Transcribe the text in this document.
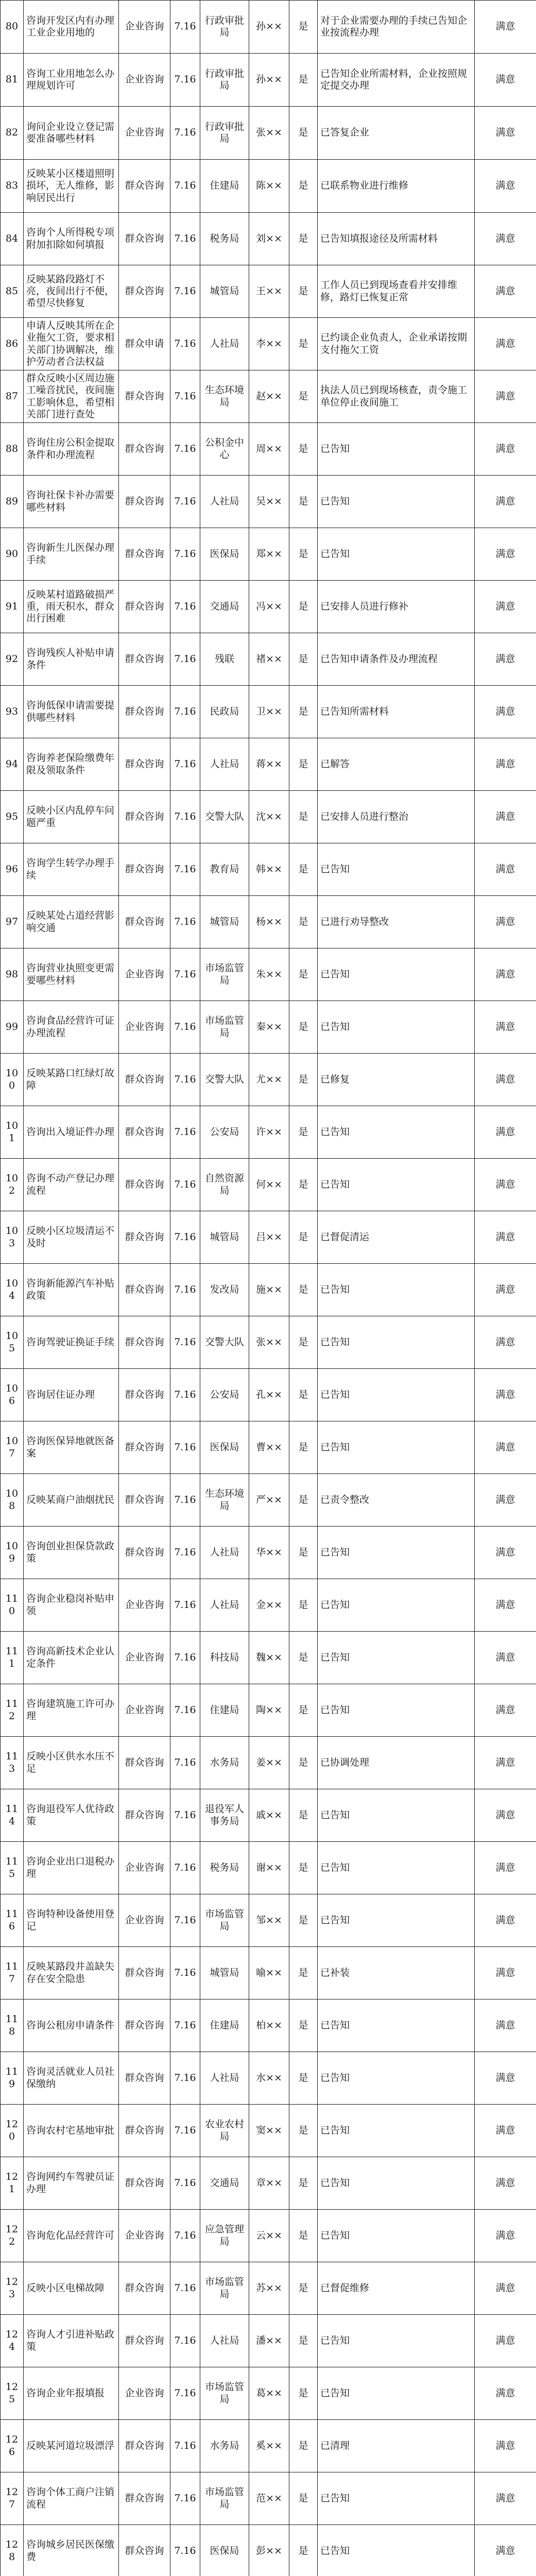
80	咨询开发区内有办理工业企业用地的	企业咨询	7.16	行政审批局	孙××	是	对于企业需要办理的手续已告知企业按流程办理	满意
81	咨询工业用地怎么办理规划许可	企业咨询	7.16	行政审批局	孙××	是	已告知企业所需材料，企业按照规定提交办理	满意
82	询问企业设立登记需要准备哪些材料	企业咨询	7.16	行政审批局	张××	是	已答复企业	满意
83	反映某小区楼道照明损坏，无人维修，影响居民出行	群众咨询	7.16	住建局	陈××	是	已联系物业进行维修	满意
84	咨询个人所得税专项附加扣除如何填报	群众咨询	7.16	税务局	刘××	是	已告知填报途径及所需材料	满意
85	反映某路段路灯不亮，夜间出行不便，希望尽快修复	群众咨询	7.16	城管局	王××	是	工作人员已到现场查看并安排维修，路灯已恢复正常	满意
86	申请人反映其所在企业拖欠工资，要求相关部门协调解决，维护劳动者合法权益	群众申请	7.16	人社局	李××	是	已约谈企业负责人，企业承诺按期支付拖欠工资	满意
87	群众反映小区周边施工噪音扰民，夜间施工影响休息，希望相关部门进行查处	群众咨询	7.16	生态环境局	赵××	是	执法人员已到现场核查，责令施工单位停止夜间施工	满意
88	咨询住房公积金提取条件和办理流程	群众咨询	7.16	公积金中心	周××	是	已告知	满意
89	咨询社保卡补办需要哪些材料	群众咨询	7.16	人社局	吴××	是	已告知	满意
90	咨询新生儿医保办理手续	群众咨询	7.16	医保局	郑××	是	已告知	满意
91	反映某村道路破损严重，雨天积水，群众出行困难	群众咨询	7.16	交通局	冯××	是	已安排人员进行修补	满意
92	咨询残疾人补贴申请条件	群众咨询	7.16	残联	褚××	是	已告知申请条件及办理流程	满意
93	咨询低保申请需要提供哪些材料	群众咨询	7.16	民政局	卫××	是	已告知所需材料	满意
94	咨询养老保险缴费年限及领取条件	群众咨询	7.16	人社局	蒋××	是	已解答	满意
95	反映小区内乱停车问题严重	群众咨询	7.16	交警大队	沈××	是	已安排人员进行整治	满意
96	咨询学生转学办理手续	群众咨询	7.16	教育局	韩××	是	已告知	满意
97	反映某处占道经营影响交通	群众咨询	7.16	城管局	杨××	是	已进行劝导整改	满意
98	咨询营业执照变更需要哪些材料	企业咨询	7.16	市场监管局	朱××	是	已告知	满意
99	咨询食品经营许可证办理流程	企业咨询	7.16	市场监管局	秦××	是	已告知	满意
100	反映某路口红绿灯故障	群众咨询	7.16	交警大队	尤××	是	已修复	满意
101	咨询出入境证件办理	群众咨询	7.16	公安局	许××	是	已告知	满意
102	咨询不动产登记办理流程	群众咨询	7.16	自然资源局	何××	是	已告知	满意
103	反映小区垃圾清运不及时	群众咨询	7.16	城管局	吕××	是	已督促清运	满意
104	咨询新能源汽车补贴政策	群众咨询	7.16	发改局	施××	是	已告知	满意
105	咨询驾驶证换证手续	群众咨询	7.16	交警大队	张××	是	已告知	满意
106	咨询居住证办理	群众咨询	7.16	公安局	孔××	是	已告知	满意
107	咨询医保异地就医备案	群众咨询	7.16	医保局	曹××	是	已告知	满意
108	反映某商户油烟扰民	群众咨询	7.16	生态环境局	严××	是	已责令整改	满意
109	咨询创业担保贷款政策	群众咨询	7.16	人社局	华××	是	已告知	满意
110	咨询企业稳岗补贴申领	企业咨询	7.16	人社局	金××	是	已告知	满意
111	咨询高新技术企业认定条件	企业咨询	7.16	科技局	魏××	是	已告知	满意
112	咨询建筑施工许可办理	企业咨询	7.16	住建局	陶××	是	已告知	满意
113	反映小区供水水压不足	群众咨询	7.16	水务局	姜××	是	已协调处理	满意
114	咨询退役军人优待政策	群众咨询	7.16	退役军人事务局	戚××	是	已告知	满意
115	咨询企业出口退税办理	企业咨询	7.16	税务局	谢××	是	已告知	满意
116	咨询特种设备使用登记	企业咨询	7.16	市场监管局	邹××	是	已告知	满意
117	反映某路段井盖缺失存在安全隐患	群众咨询	7.16	城管局	喻××	是	已补装	满意
118	咨询公租房申请条件	群众咨询	7.16	住建局	柏××	是	已告知	满意
119	咨询灵活就业人员社保缴纳	群众咨询	7.16	人社局	水××	是	已告知	满意
120	咨询农村宅基地审批	群众咨询	7.16	农业农村局	窦××	是	已告知	满意
121	咨询网约车驾驶员证办理	群众咨询	7.16	交通局	章××	是	已告知	满意
122	咨询危化品经营许可	企业咨询	7.16	应急管理局	云××	是	已告知	满意
123	反映小区电梯故障	群众咨询	7.16	市场监管局	苏××	是	已督促维修	满意
124	咨询人才引进补贴政策	群众咨询	7.16	人社局	潘××	是	已告知	满意
125	咨询企业年报填报	企业咨询	7.16	市场监管局	葛××	是	已告知	满意
126	反映某河道垃圾漂浮	群众咨询	7.16	水务局	奚××	是	已清理	满意
127	咨询个体工商户注销流程	群众咨询	7.16	市场监管局	范××	是	已告知	满意
128	咨询城乡居民医保缴费	群众咨询	7.16	医保局	彭××	是	已告知	满意
